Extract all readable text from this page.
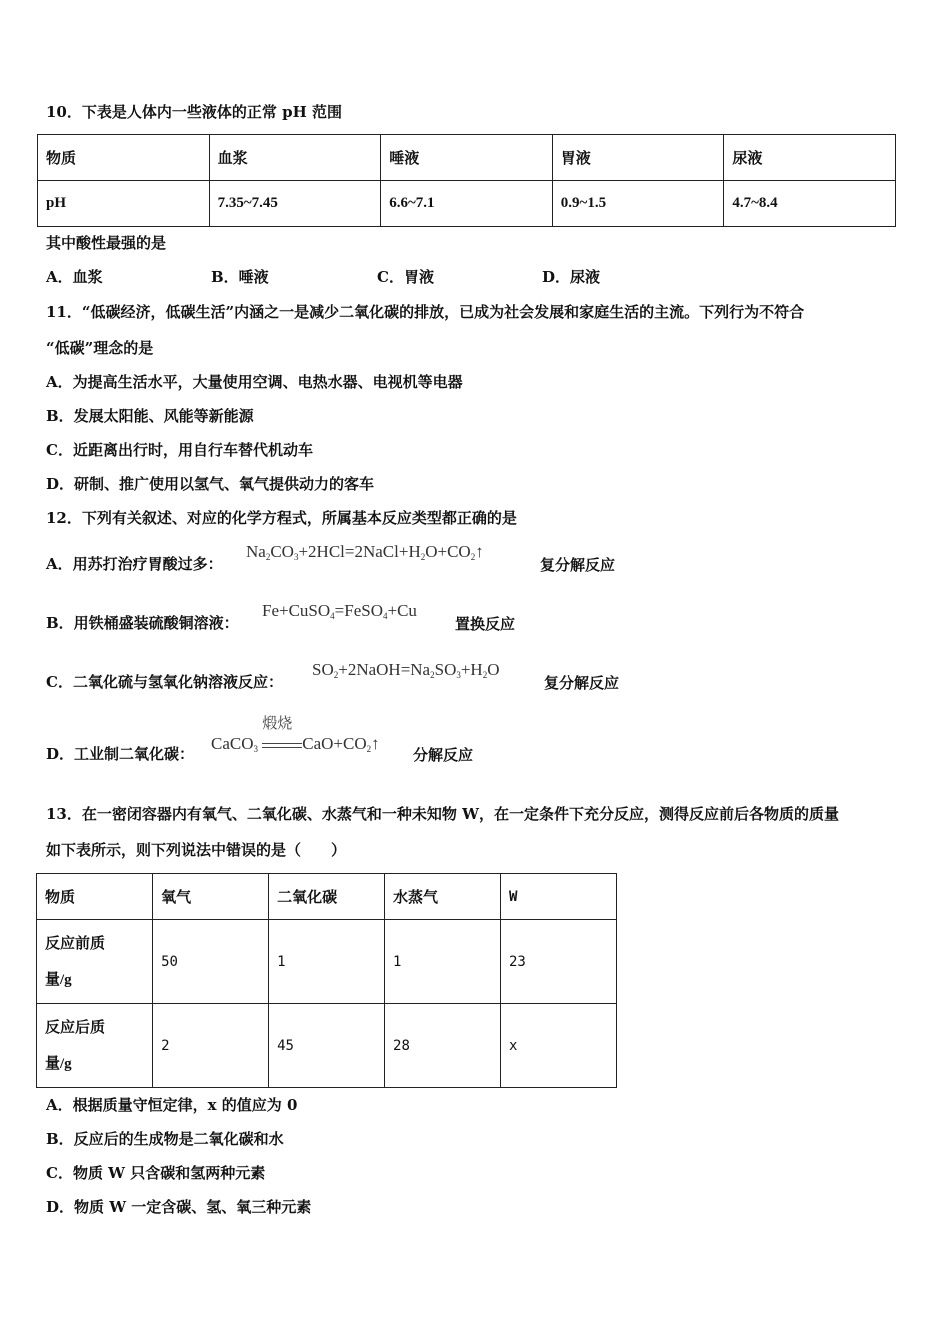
10．下表是人体内一些液体的正常 pH 范围
物质	血浆	唾液	胃液	尿液
pH	7.35~7.45	6.6~7.1	0.9~1.5	4.7~8.4
其中酸性最强的是
A．血浆	B．唾液	C．胃液	D．尿液
11．“低碳经济，低碳生活”内涵之一是减少二氧化碳的排放，已成为社会发展和家庭生活的主流。下列行为不符合
“低碳”理念的是
A．为提高生活水平，大量使用空调、电热水器、电视机等电器
B．发展太阳能、风能等新能源
C．近距离出行时，用自行车替代机动车
D．研制、推广使用以氢气、氧气提供动力的客车
12．下列有关叙述、对应的化学方程式，所属基本反应类型都正确的是
A．用苏打治疗胃酸过多：
$Na_2CO_3+2HCl=2NaCl+H_2O+CO_2↑$
复分解反应
B．用铁桶盛装硫酸铜溶液：
Fe+CuSO$_4$=FeSO$_4$+Cu
置换反应
C．二氧化硫与氢氧化钠溶液反应：
$SO_2+2NaOH=Na_2SO_3+H_2O$
复分解反应
D．工业制二氧化碳：
CaCO$_3$
煅烧
$CaO+CO_2↑$
分解反应
13．在一密闭容器内有氧气、二氧化碳、水蒸气和一种未知物 W，在一定条件下充分反应，测得反应前后各物质的质量
如下表所示，则下列说法中错误的是（　　）
物质	氧气	二氧化碳	水蒸气	W
反应前质
量/g	50	1	1	23
反应后质
量/g	2	45	28	x
A．根据质量守恒定律，x 的值应为 0
B．反应后的生成物是二氧化碳和水
C．物质 W 只含碳和氢两种元素
D．物质 W 一定含碳、氢、氧三种元素
